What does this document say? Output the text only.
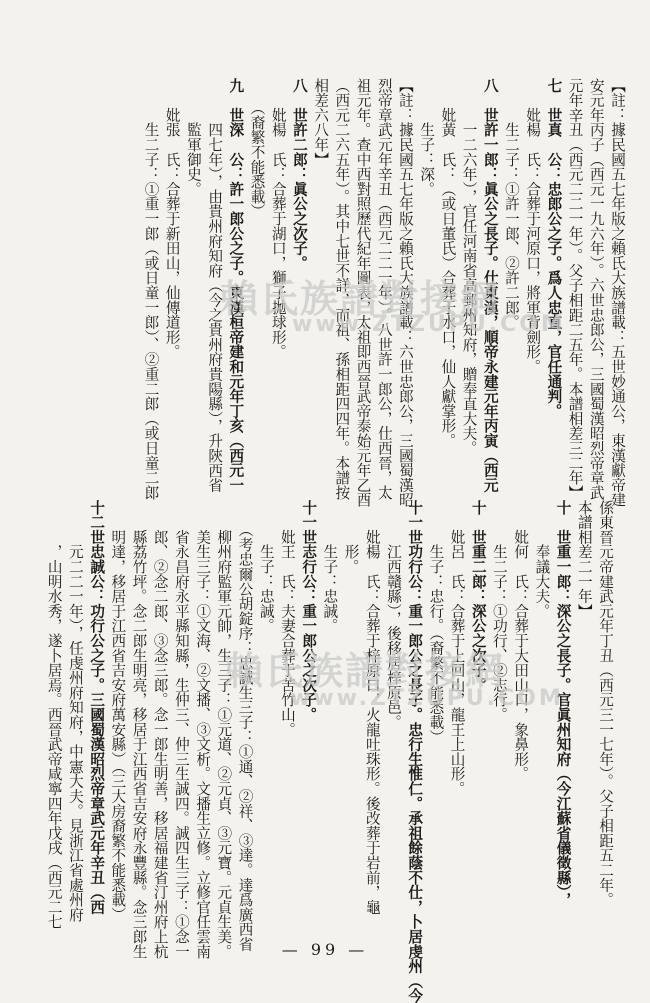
【註：據民國五七年版之賴氏大族譜載：五世妙通公，東漢獻帝建

安元年丙子（西元一九六年）。六世忠郎公，三國蜀漢昭烈帝章武

元年辛丑（西元二二一年）。父子相距二五年。本譜相差三二年】

七　世真　公：忠郎公之子。爲人忠直，官任通判。

　　妣楊　氏：合葬于河原口，將軍背劍形。

　　　生二子：①許一郎、②許二郎。

八　世許一郎：眞公之長子。仕東漢，順帝永建元年丙寅（西元

　　　一二六年），官任河南省高郵州知府，贈奉直大夫。

　　妣黃　氏：（或日董氏）合葬于水口，仙人獻掌形。

　　　生子：深。

【註：據民國五七年版之賴氏大族譜載：六世忠郎公，三國蜀漢昭

烈帝章武元年辛丑（西元二二一年）。八世許一郎公，仕西晉，太

祖元年。查中西對照歷代紀年圖表，太祖即西晉武帝泰始元年乙酉

（西元二六五年）。其中七世不詳，而祖、孫相距四四年。本譜按

相差六八年】

八　世許二郎：眞公之次子。

　　妣楊　氏：合葬于湖口，獅子拋球形。

　　（裔繁不能悉載）

九　世深　公：許一郎公之子。東漢桓帝建和元年丁亥（西元一

　　　四七年），由貴州府知府（今之貴州府貴陽縣），升陝西省

　　　監軍御史。

　　妣張　氏：合葬于新田山，仙傳道形。

　　　生二子：①重一郎（或日童一郎）、②重二郎（或日童二郎

係東晉元帝建武元年丁丑（西元三一七年）。父子相距五二年。

本譜相差二一年】

十　世重一郎：深公之長子。官眞州知府（今江蘇省儀徵縣），

　　　奉議大夫。

　　妣何　氏：合葬于大田山口，象鼻形。

　　　生二子：①功行、②志行。

十　世重二郎：深公之次子。

　　妣呂　氏：合葬于上回山，龍王上山形。

　　　生子：忠行。（裔繁不能悉載）

十一世功行公：重一郎公之長子。忠行生惟仁。承祖餘蔭不仕，卜居虔州（今

　　　江西贛縣），後移居梓原邑。

　　妣楊　氏：合葬于梓原口，火龍吐珠形。後改葬于岩前，龜

　　　形。

　　　生子：忠誠。

十一世志行公：重一郎公之次子。

　　妣王　氏：夫妻合葬于苦竹山。

　　　生子：忠誠。

　　（考忠爾公胡錠序：忠誠生三子：①通、②祥、③達。達爲廣西省

　　柳州府監軍元帥，生三子：①元道、②元貞、③元寶。元貞生美。

　　美生三子：①文海、②文播、③文析。文播生立修。立修官任雲南

　　省永昌府永平縣知縣，生仲三、仲三生誠四。誠四生三子：①念一

　　郎、②念二郎、③念三郎。念一郎生明善，移居福建省汀州府上杭

　　縣荔竹坪。念二郎生明亮，移居于江西省吉安府永豐縣。念三郎生

　　明達，移居于江西省吉安府萬安縣）（三大房裔繁不能悉載）

十二世忠誠公：功行公之子。三國蜀漢昭烈帝章武元年辛丑（西

　　　元二二一年），任虔州府知府，中憲大夫。見浙江省處州府

　　　，山明水秀，遂卜居焉。西晉武帝咸寧四年戊戌（西元二七

賴氏族譜對接網
www.ZTZUPU.COM
賴氏族譜對接網
www.ZTZUPU.COM
— 99 —
